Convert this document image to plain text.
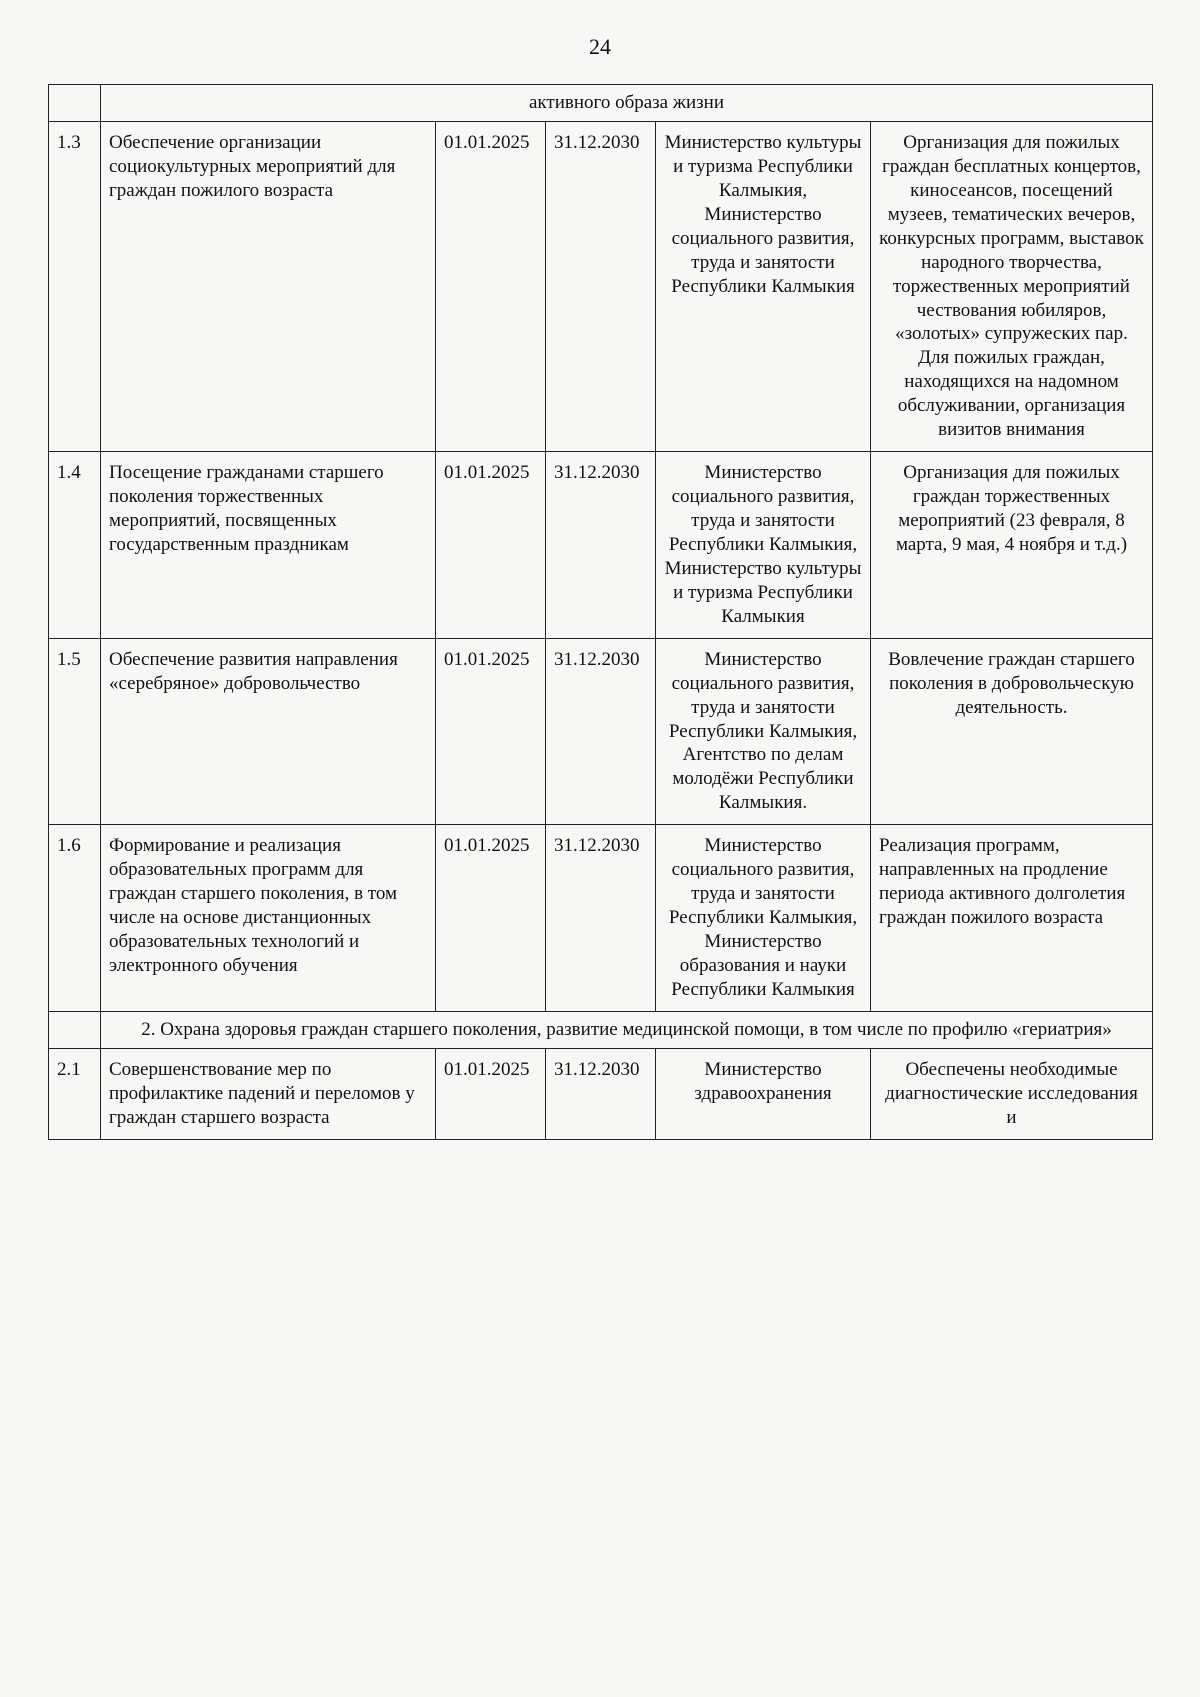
24
	активного образа жизни				
1.3	Обеспечение организации социокультурных мероприятий для граждан пожилого возраста	01.01.2025	31.12.2030	Министерство культуры и туризма Республики Калмыкия, Министерство социального развития, труда и занятости Республики Калмыкия	Организация для пожилых граждан бесплатных концертов, киносеансов, посещений музеев, тематических вечеров, конкурсных программ, выставок народного творчества, торжественных мероприятий чествования юбиляров, «золотых» супружеских пар. Для пожилых граждан, находящихся на надомном обслуживании, организация визитов внимания
1.4	Посещение гражданами старшего поколения торжественных мероприятий, посвященных государственным праздникам	01.01.2025	31.12.2030	Министерство социального развития, труда и занятости Республики Калмыкия, Министерство культуры и туризма Республики Калмыкия	Организация для пожилых граждан торжественных мероприятий (23 февраля, 8 марта, 9 мая, 4 ноября и т.д.)
1.5	Обеспечение развития направления «серебряное» добровольчество	01.01.2025	31.12.2030	Министерство социального развития, труда и занятости Республики Калмыкия, Агентство по делам молодёжи Республики Калмыкия.	Вовлечение граждан старшего поколения в добровольческую деятельность.
1.6	Формирование и реализация образовательных программ для граждан старшего поколения, в том числе на основе дистанционных образовательных технологий и электронного обучения	01.01.2025	31.12.2030	Министерство социального развития, труда и занятости Республики Калмыкия, Министерство образования и науки Республики Калмыкия	Реализация программ, направленных на продление периода активного долголетия граждан пожилого возраста
	2. Охрана здоровья граждан старшего поколения, развитие медицинской помощи, в том числе по профилю «гериатрия»				
2.1	Совершенствование мер по профилактике падений и переломов у граждан старшего возраста	01.01.2025	31.12.2030	Министерство здравоохранения	Обеспечены необходимые диагностические исследования и
